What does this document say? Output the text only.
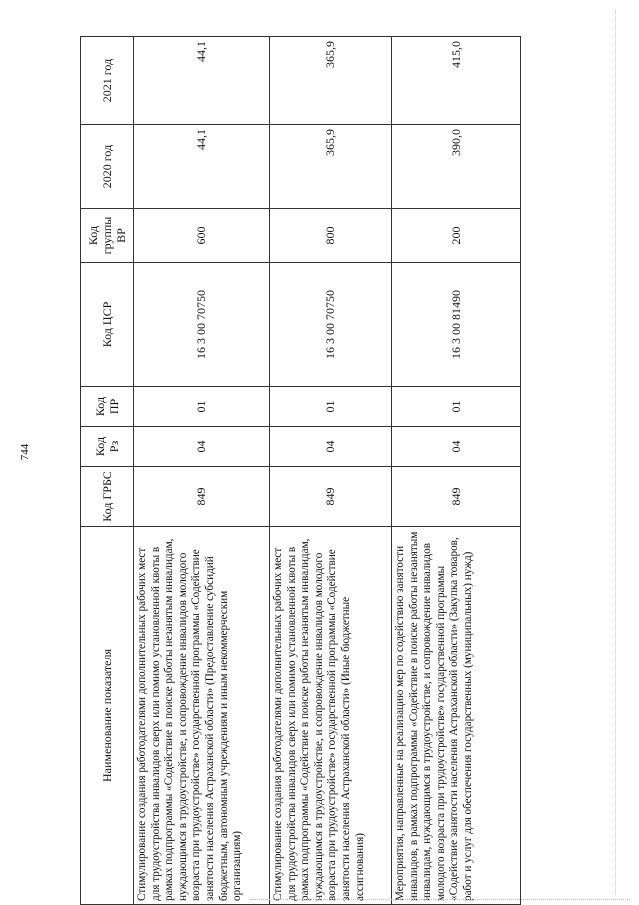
744
Наименование показателя	Код ГРБС	Код Рз	Код ПР	Код ЦСР	Код группы ВР	2020 год	2021 год
Стимулирование создания работодателями дополнительных рабочих мест для трудоустройства инвалидов сверх или помимо установленной квоты в рамках подпрограммы «Содействие в поиске работы незанятым инвалидам, нуждающимся в трудоустройстве, и сопровождение инвалидов молодого возраста при трудоустройстве» государственной программы «Содействие занятости населения Астраханской области» (Предоставление субсидий бюджетным, автономным учреждениям и иным некоммерческим организациям)	849	04	01	16 3 00 70750	600	44,1	44,1
Стимулирование создания работодателями дополнительных рабочих мест для трудоустройства инвалидов сверх или помимо установленной квоты в рамках подпрограммы «Содействие в поиске работы незанятым инвалидам, нуждающимся в трудоустройстве, и сопровождение инвалидов молодого возраста при трудоустройстве» государственной программы «Содействие занятости населения Астраханской области» (Иные бюджетные ассигнования)	849	04	01	16 3 00 70750	800	365,9	365,9
Мероприятия, направленные на реализацию мер по содействию занятости инвалидов, в рамках подпрограммы «Содействие в поиске работы незанятым инвалидам, нуждающимся в трудоустройстве, и сопровождение инвалидов молодого возраста при трудоустройстве» государственной программы «Содействие занятости населения Астраханской области» (Закупка товаров, работ и услуг для обеспечения государственных (муниципальных) нужд)	849	04	01	16 3 00 81490	200	390,0	415,0
